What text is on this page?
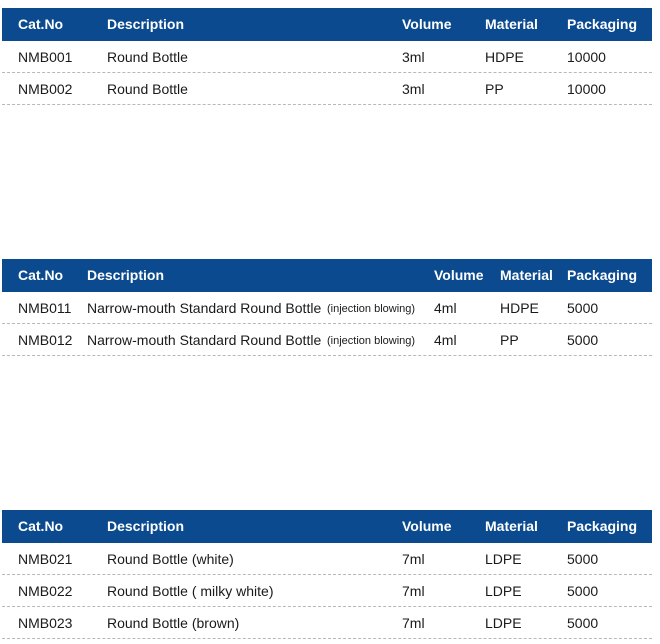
Cat.No	Description	Volume Material Packaging
NMB001 Round Bottle	3ml	HDPE	10000
NMB002 Round Bottle	3ml	PP	10000
Cat.No Description	Volume Material Packaging
NMB011 Narrow-mouth Standard Round Bottle (injection blowing) 4ml	HDPE 5000
NMB012 Narrow-mouth Standard Round Bottle (injection blowing) 4ml	PP	5000
Cat.No	Description	Volume Material Packaging
NMB021 Round Bottle (white)	7ml	LDPE	5000
NMB022 Round Bottle ( milky white)	7ml	LDPE	5000
NMB023 Round Bottle (brown)	7ml	LDPE	5000
